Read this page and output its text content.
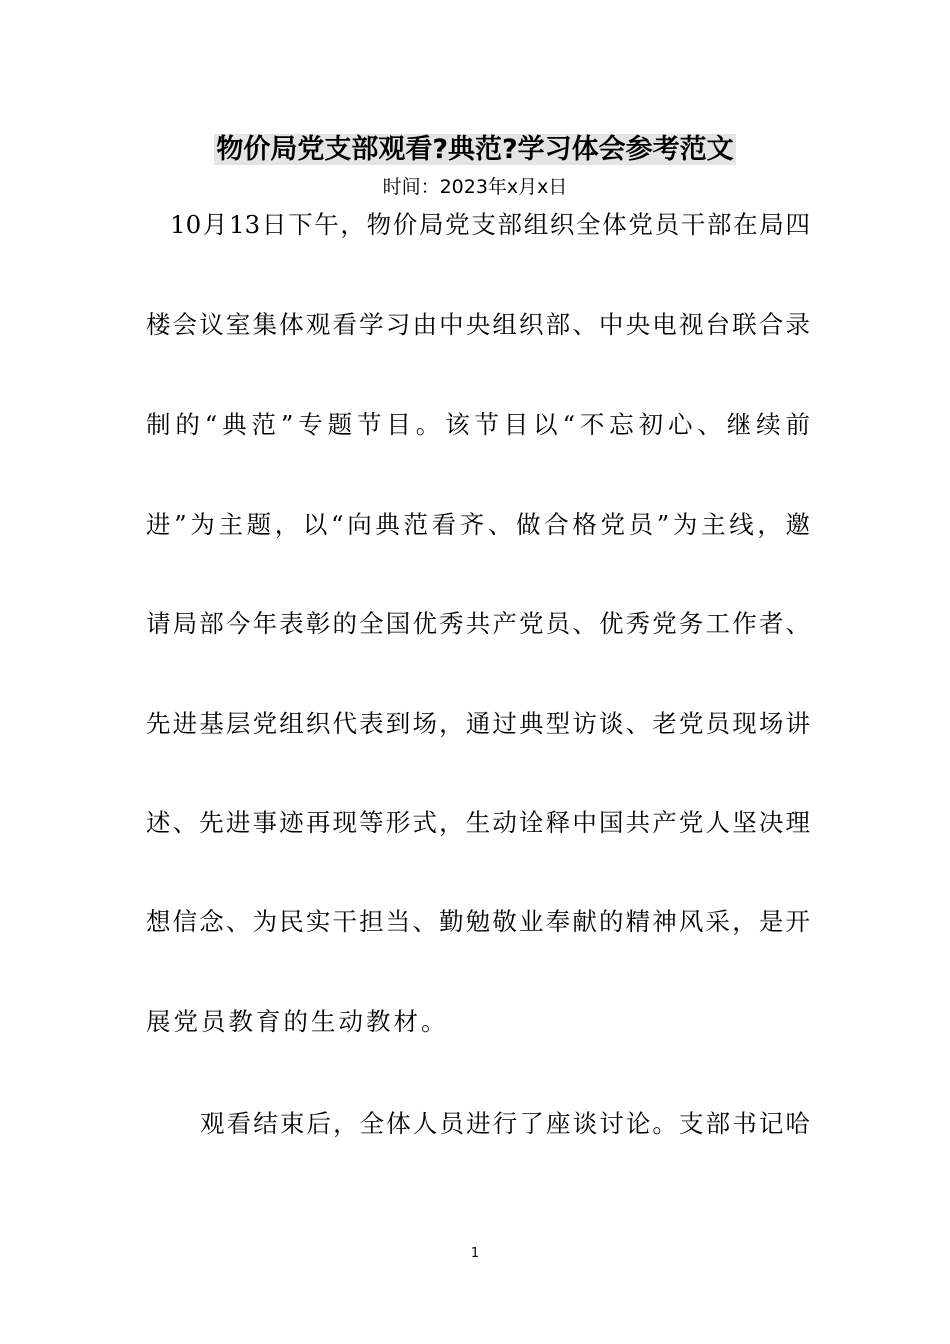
物价局党支部观看?典范?学习体会参考范文
时间：2023年x月x日
10月13日下午，物价局党支部组织全体党员干部在局四
楼会议室集体观看学习由中央组织部、中央电视台联合录
制的“典范”专题节目。该节目以“不忘初心、继续前
进”为主题，以“向典范看齐、做合格党员”为主线，邀
请局部今年表彰的全国优秀共产党员、优秀党务工作者、
先进基层党组织代表到场，通过典型访谈、老党员现场讲
述、先进事迹再现等形式，生动诠释中国共产党人坚决理
想信念、为民实干担当、勤勉敬业奉献的精神风采，是开
展党员教育的生动教材。
观看结束后，全体人员进行了座谈讨论。支部书记哈
1
